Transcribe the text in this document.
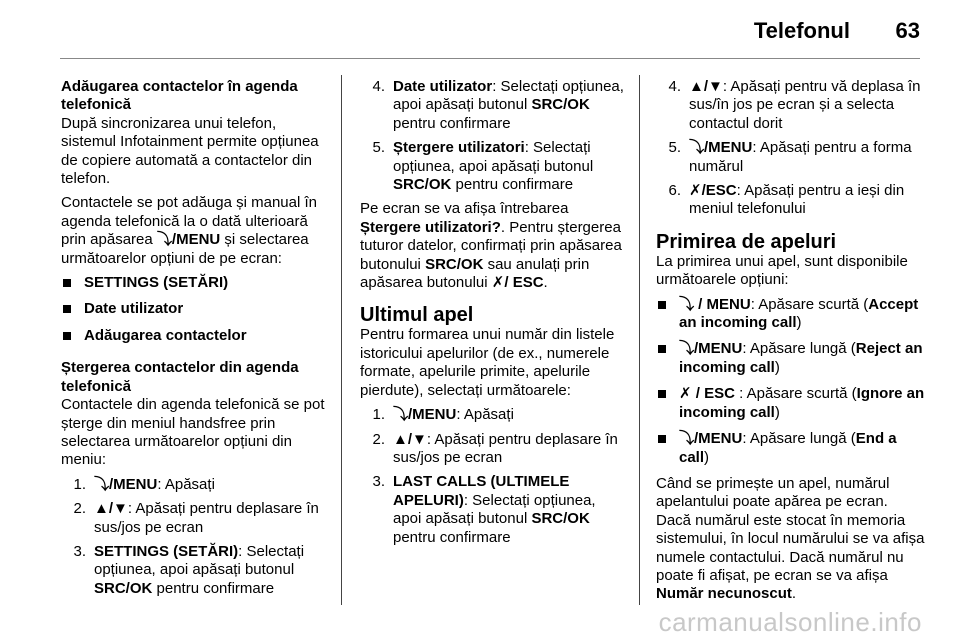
Telefonul 63

Adăugarea contactelor în agenda telefonică

După sincronizarea unui telefon, sistemul Infotainment permite opțiunea de copiere automată a contactelor din telefon.

Contactele se pot adăuga și manual în agenda telefonică la o dată ulterioară prin apăsarea ⤵/MENU și selectarea următoarelor opțiuni de pe ecran:

SETTINGS (SETĂRI)
Date utilizator
Adăugarea contactelor

Ștergerea contactelor din agenda telefonică

Contactele din agenda telefonică se pot șterge din meniul handsfree prin selectarea următoarelor opțiuni din meniu:

1. ⤵/MENU: Apăsați
2. ▲/▼: Apăsați pentru deplasare în sus/jos pe ecran
3. SETTINGS (SETĂRI): Selectați opțiunea, apoi apăsați butonul SRC/OK pentru confirmare
4. Date utilizator: Selectați opțiunea, apoi apăsați butonul SRC/OK pentru confirmare
5. Ștergere utilizatori: Selectați opțiunea, apoi apăsați butonul SRC/OK pentru confirmare

Pe ecran se va afișa întrebarea Ștergere utilizatori?. Pentru ștergerea tuturor datelor, confirmați prin apăsarea butonului SRC/OK sau anulați prin apăsarea butonului ✗/ ESC.

Ultimul apel

Pentru formarea unui număr din listele istoricului apelurilor (de ex., numerele formate, apelurile primite, apelurile pierdute), selectați următoarele:

1. ⤵/MENU: Apăsați
2. ▲/▼: Apăsați pentru deplasare în sus/jos pe ecran
3. LAST CALLS (ULTIMELE APELURI): Selectați opțiunea, apoi apăsați butonul SRC/OK pentru confirmare
4. ▲/▼: Apăsați pentru vă deplasa în sus/în jos pe ecran și a selecta contactul dorit
5. ⤵/MENU: Apăsați pentru a forma numărul
6. ✗/ESC: Apăsați pentru a ieși din meniul telefonului

Primirea de apeluri

La primirea unui apel, sunt disponibile următoarele opțiuni:

⤵ / MENU: Apăsare scurtă (Accept an incoming call)
⤵/MENU: Apăsare lungă (Reject an incoming call)
✗ / ESC : Apăsare scurtă (Ignore an incoming call)
⤵/MENU: Apăsare lungă (End a call)

Când se primește un apel, numărul apelantului poate apărea pe ecran. Dacă numărul este stocat în memoria sistemului, în locul numărului se va afișa numele contactului. Dacă numărul nu poate fi afișat, pe ecran se va afișa Număr necunoscut.

carmanualsonline.info
